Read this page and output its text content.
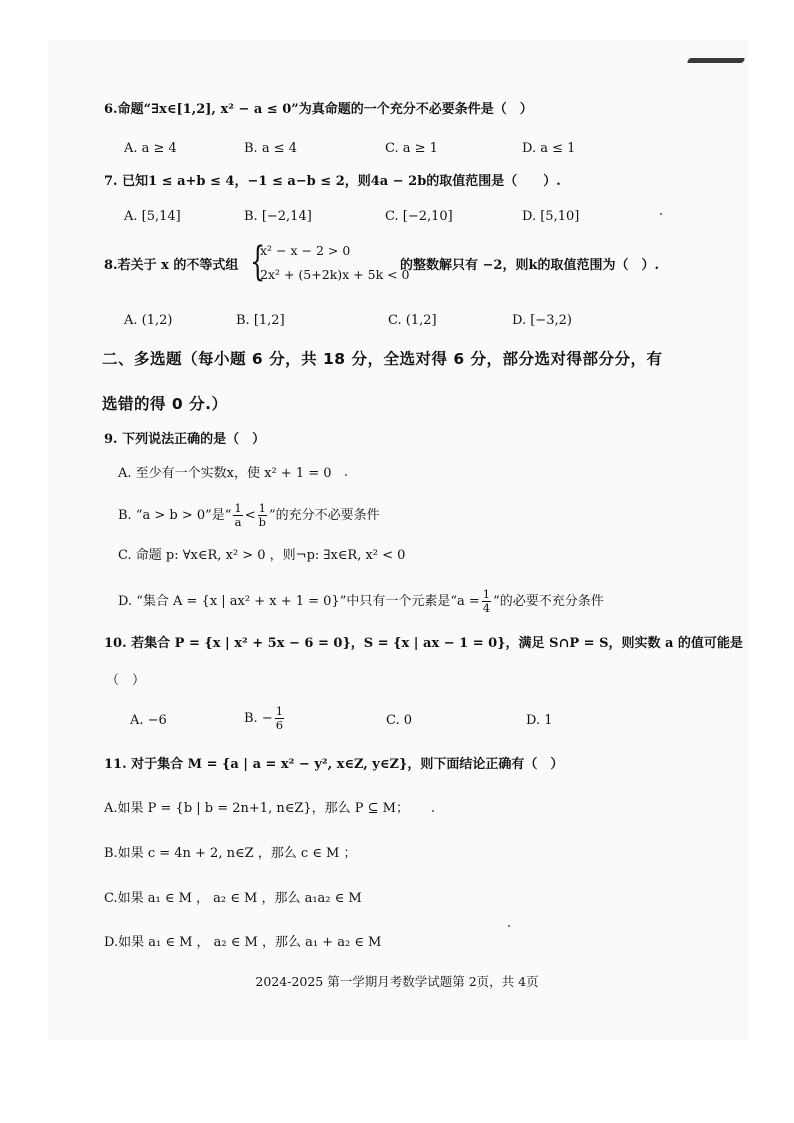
6.命题“∃x∈[1,2], x² − a ≤ 0”为真命题的一个充分不必要条件是（　）
A. a ≥ 4	B. a ≤ 4	C. a ≥ 1	D. a ≤ 1
7. 已知1 ≤ a+b ≤ 4，−1 ≤ a−b ≤ 2，则4a − 2b的取值范围是（　　）.
A. [5,14]	B. [−2,14]	C. [−2,10]	D. [5,10]
8.若关于 x 的不等式组 {
x² − x − 2 > 0
2x² + (5+2k)x + 5k < 0
的整数解只有 −2，则k的取值范围为（　）.
A. (1,2)	B. [1,2]	C. (1,2]	D. [−3,2)
二、多选题（每小题 6 分，共 18 分，全选对得 6 分，部分选对得部分分，有
选错的得 0 分.）
9. 下列说法正确的是（　）
A. 至少有一个实数x，使 x² + 1 = 0
B. “a > b > 0”是“ $\frac{1}{a} < \frac{1}{b}$ ”的充分不必要条件
C. 命题 p: ∀x∈R, x² > 0 ，则¬p: ∃x∈R, x² < 0
D. “集合 A = {x | ax² + x + 1 = 0}”中只有一个元素是“$a = \frac{1}{4}$ ”的必要不充分条件
10. 若集合 P = {x | x² + 5x − 6 = 0}，S = {x | ax − 1 = 0}，满足 S∩P = S，则实数 a 的值可能是
（　）
A. −6	B. − $\frac{1}{6}$	C. 0	D. 1
11. 对于集合 M = {a | a = x² − y², x∈Z, y∈Z}，则下面结论正确有（　）
A.如果 P = {b | b = 2n+1, n∈Z}，那么 P ⊆ M；
B.如果 c = 4n + 2, n∈Z ，那么 c ∈ M ；
C.如果 a₁ ∈ M ， a₂ ∈ M ，那么 a₁a₂ ∈ M
D.如果 a₁ ∈ M ， a₂ ∈ M ，那么 a₁ + a₂ ∈ M
2024-2025 第一学期月考数学试题第 2页，共 4页
